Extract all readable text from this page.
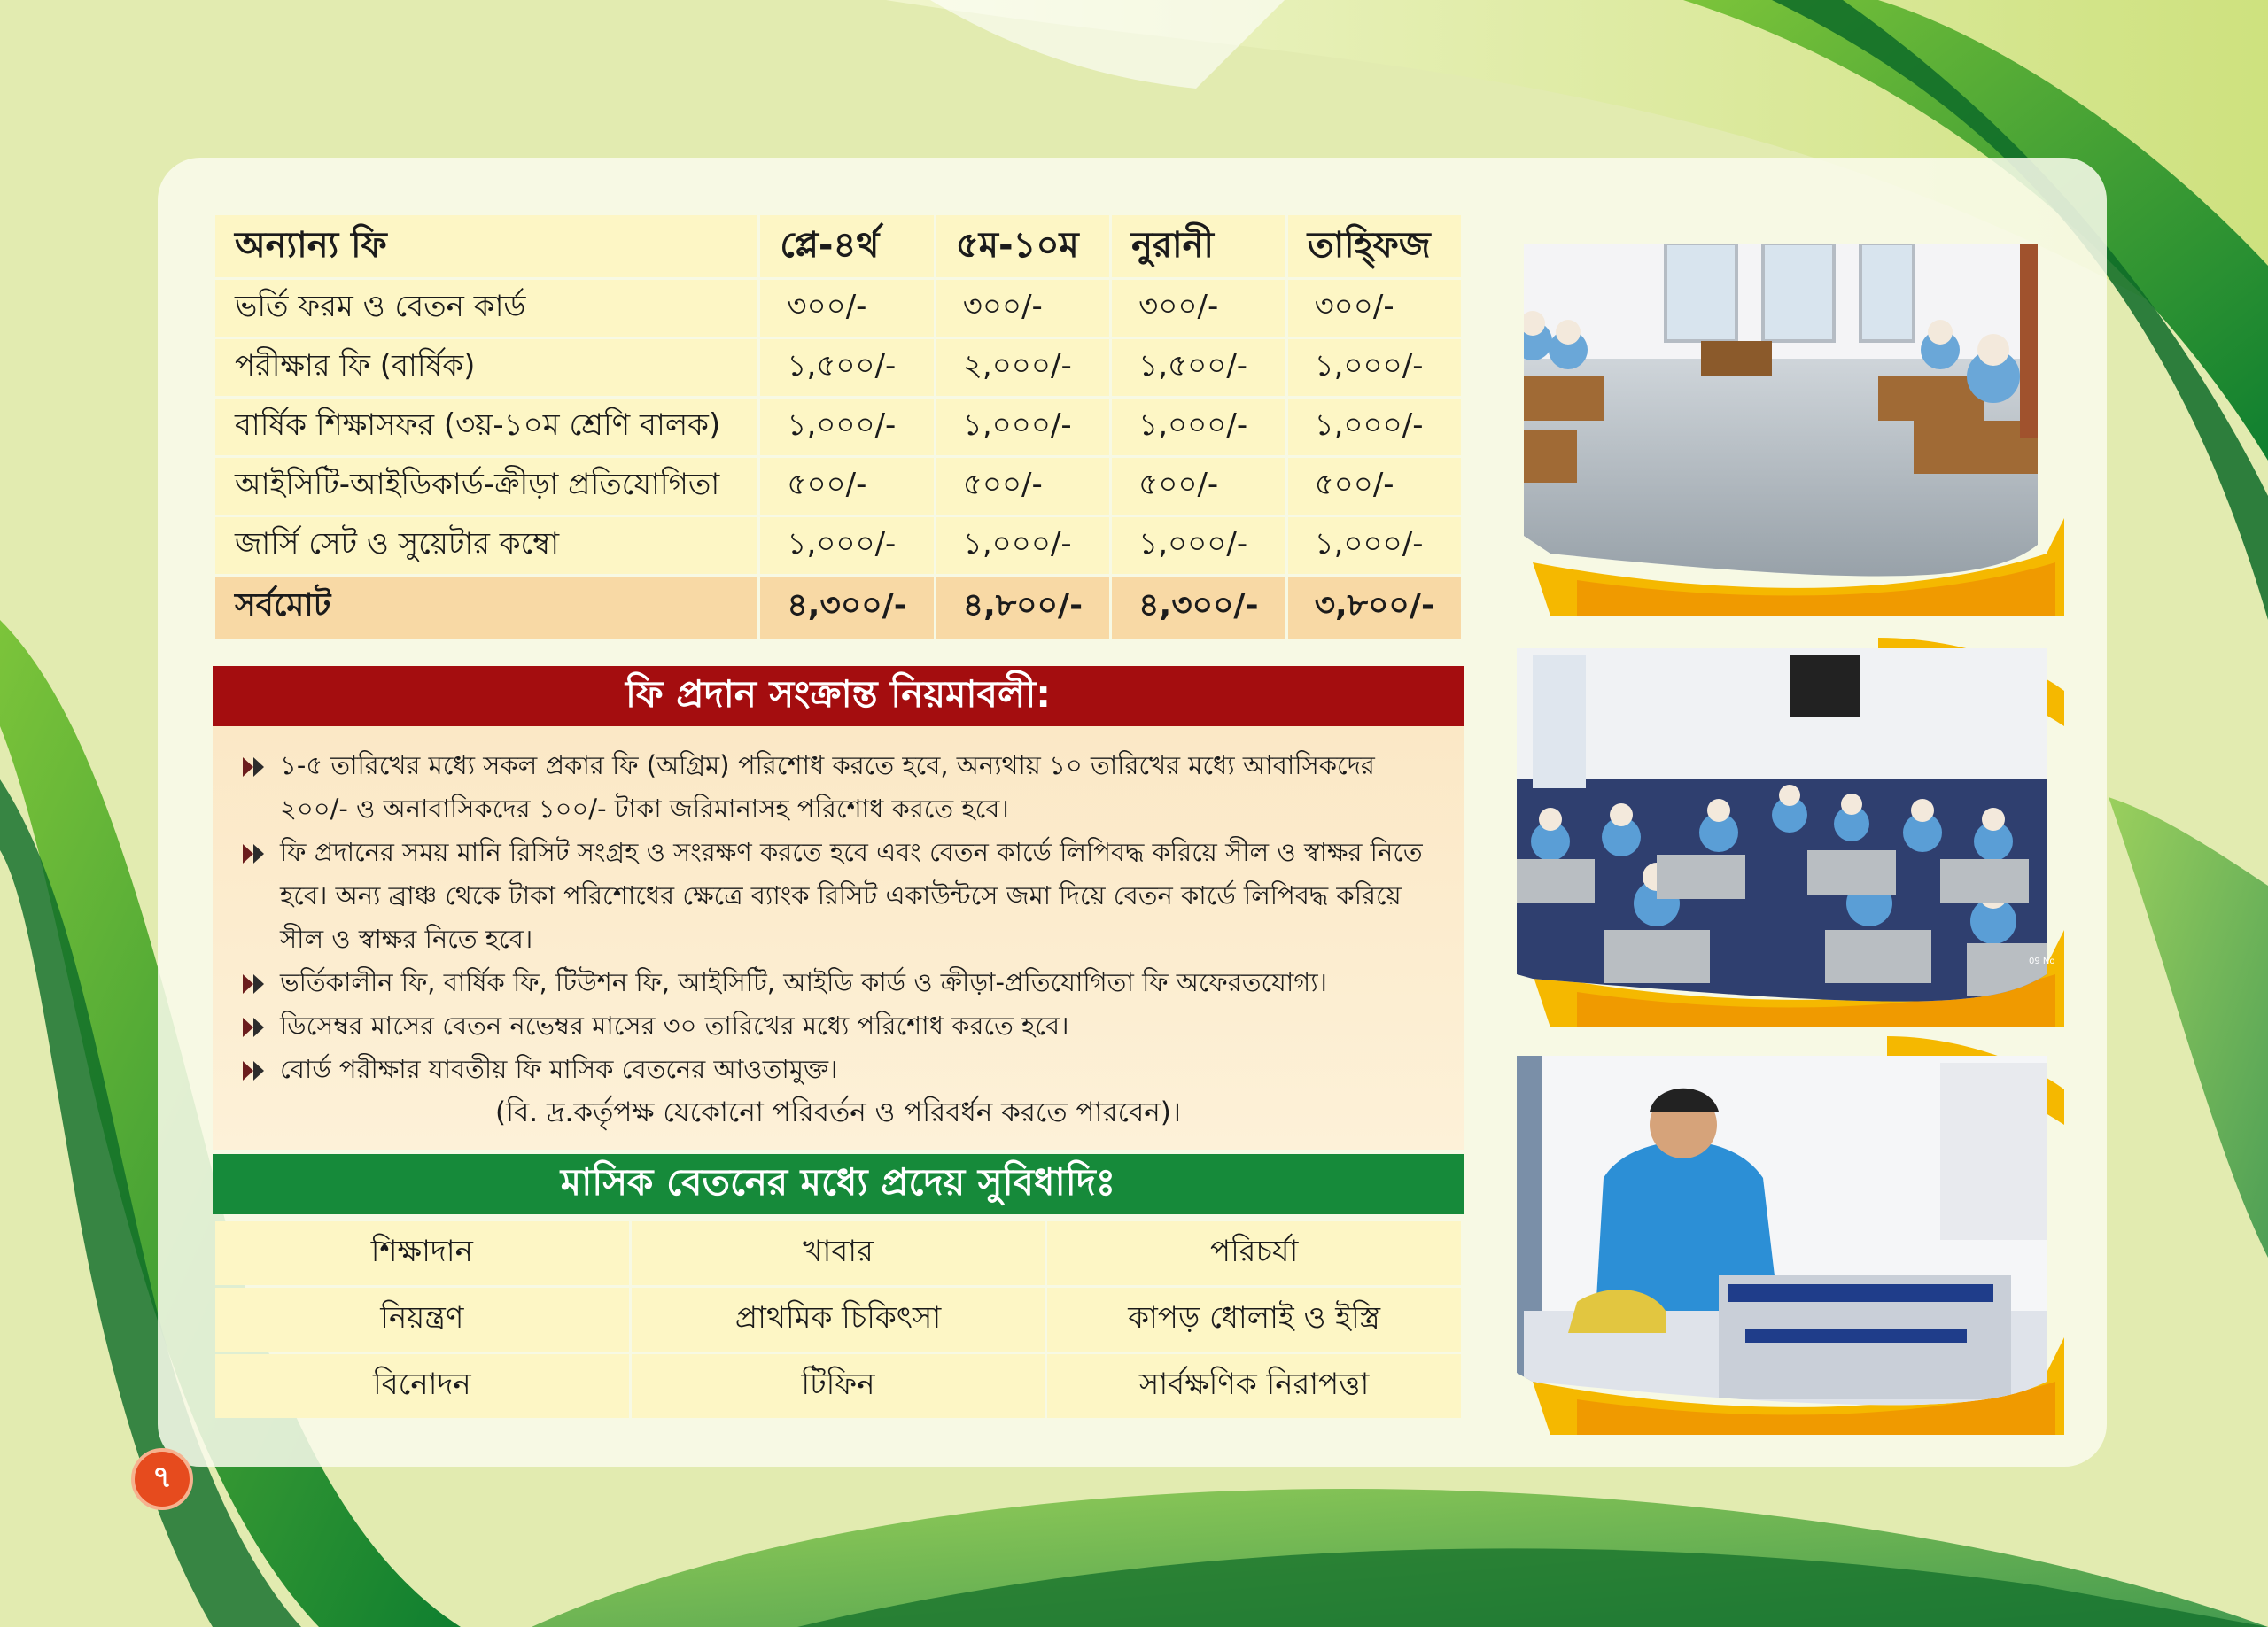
অন্যান্য ফি	প্লে-৪র্থ	৫ম-১০ম	নুরানী	তাহ্ফিজ
ভর্তি ফরম ও বেতন কার্ড	৩০০/-	৩০০/-	৩০০/-	৩০০/-
পরীক্ষার ফি (বার্ষিক)	১,৫০০/-	২,০০০/-	১,৫০০/-	১,০০০/-
বার্ষিক শিক্ষাসফর (৩য়-১০ম শ্রেণি বালক)	১,০০০/-	১,০০০/-	১,০০০/-	১,০০০/-
আইসিটি-আইডিকার্ড-ক্রীড়া প্রতিযোগিতা	৫০০/-	৫০০/-	৫০০/-	৫০০/-
জার্সি সেট ও সুয়েটার কম্বো	১,০০০/-	১,০০০/-	১,০০০/-	১,০০০/-
সর্বমোট	৪,৩০০/-	৪,৮০০/-	৪,৩০০/-	৩,৮০০/-
ফি প্রদান সংক্রান্ত নিয়মাবলী:
১-৫ তারিখের মধ্যে সকল প্রকার ফি (অগ্রিম) পরিশোধ করতে হবে, অন্যথায় ১০ তারিখের মধ্যে আবাসিকদের ২০০/- ও অনাবাসিকদের ১০০/- টাকা জরিমানাসহ পরিশোধ করতে হবে।
ফি প্রদানের সময় মানি রিসিট সংগ্রহ ও সংরক্ষণ করতে হবে এবং বেতন কার্ডে লিপিবদ্ধ করিয়ে সীল ও স্বাক্ষর নিতে হবে। অন্য ব্রাঞ্চ থেকে টাকা পরিশোধের ক্ষেত্রে ব্যাংক রিসিট একাউন্টসে জমা দিয়ে বেতন কার্ডে লিপিবদ্ধ করিয়ে সীল ও স্বাক্ষর নিতে হবে।
ভর্তিকালীন ফি, বার্ষিক ফি, টিউশন ফি, আইসিটি, আইডি কার্ড ও ক্রীড়া-প্রতিযোগিতা ফি অফেরতযোগ্য।
ডিসেম্বর মাসের বেতন নভেম্বর মাসের ৩০ তারিখের মধ্যে পরিশোধ করতে হবে।
বোর্ড পরীক্ষার যাবতীয় ফি মাসিক বেতনের আওতামুক্ত।
(বি. দ্র.কর্তৃপক্ষ যেকোনো পরিবর্তন ও পরিবর্ধন করতে পারবেন)।
মাসিক বেতনের মধ্যে প্রদেয় সুবিধাদিঃ
শিক্ষাদান	খাবার	পরিচর্যা
নিয়ন্ত্রণ	প্রাথমিক চিকিৎসা	কাপড় ধোলাই ও ইস্ত্রি
বিনোদন	টিফিন	সার্বক্ষণিক নিরাপত্তা
09 No
৭
